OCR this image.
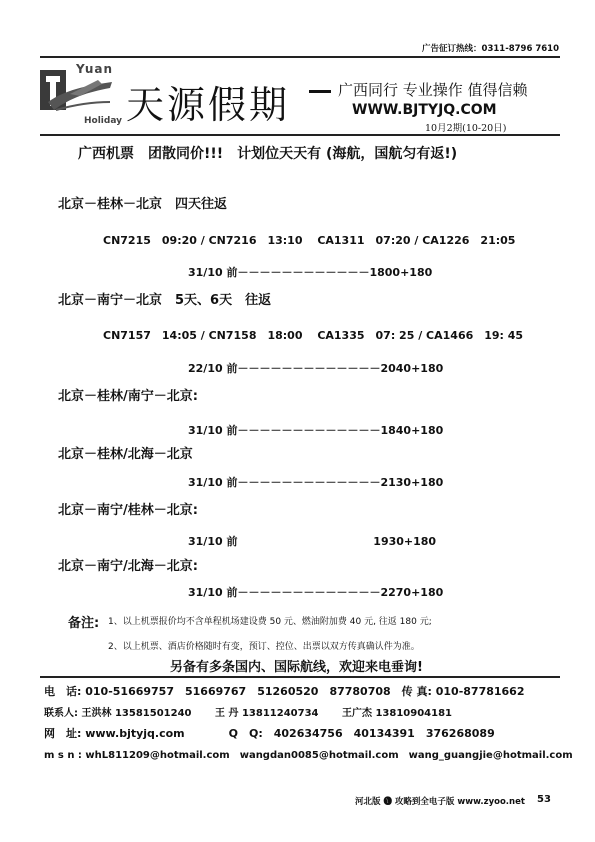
广告征订热线：0311-8796 7610
Yuan
Holiday 天源假期	广西同行 专业操作 值得信赖
WWW.BJTYJQ.COM
10月2期(10-20日)
广西机票　团散同价!!!　计划位天天有 (海航，国航匀有返!)
北京－桂林－北京　四天往返
CN7215　09:20 / CN7216　13:10　 CA1311　07:20 / CA1226　21:05
31/10 前－－－－－－－－－－－－1800+180
北京－南宁－北京　5天、6天　往返
CN7157　14:05 / CN7158　18:00　 CA1335　07: 25 / CA1466　19: 45
22/10 前－－－－－－－－－－－－－2040+180
北京－桂林/南宁－北京:
31/10 前－－－－－－－－－－－－－1840+180
北京－桂林/北海－北京
31/10 前－－－－－－－－－－－－－2130+180
北京－南宁/桂林－北京:
31/10 前　　　　　　　　　　　　 1930+180
北京－南宁/北海－北京:
31/10 前－－－－－－－－－－－－－2270+180
备注: 1、以上机票报价均不含单程机场建设费 50 元、燃油附加费 40 元, 往返 180 元;
2、以上机票、酒店价格随时有变，预订、控位、出票以双方传真确认件为准。
另备有多条国内、国际航线，欢迎来电垂询!
电　话: 010-51669757　51669767　51260520　87780708　传 真: 010-87781662
联系人: 王洪林 13581501240　　 王 丹 13811240734　　 王广杰 13810904181
网　址: www.bjtyjq.com　　　　Q　Q:　402634756　40134391　376268089
m s n : whL811209@hotmail.com　wangdan0085@hotmail.com　wang_guangjie@hotmail.com
河北版 🅨 攻略到全电子版 www.zyoo.net 53
